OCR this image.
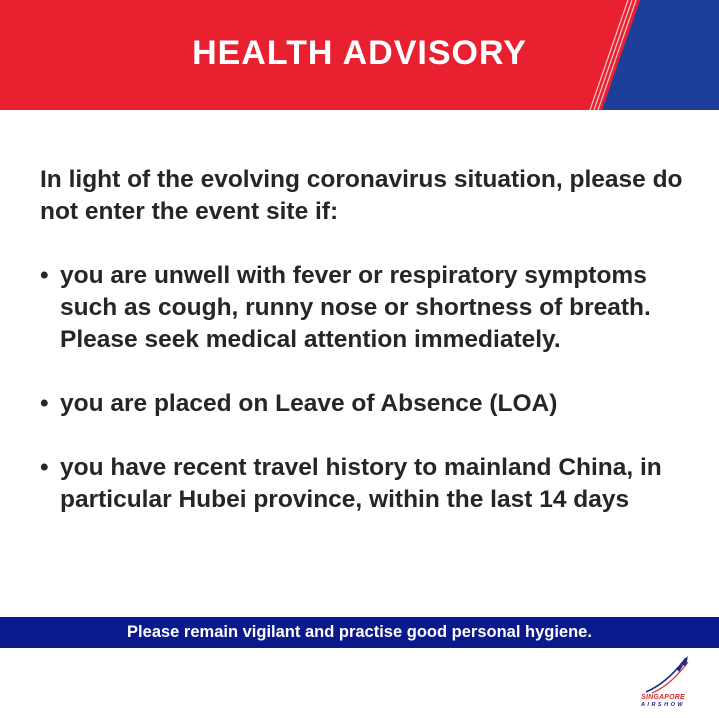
HEALTH ADVISORY

In light of the evolving coronavirus situation, please do not enter the event site if:

• you are unwell with fever or respiratory symptoms such as cough, runny nose or shortness of breath. Please seek medical attention immediately.
• you are placed on Leave of Absence (LOA)
• you have recent travel history to mainland China, in particular Hubei province, within the last 14 days
Please remain vigilant and practise good personal hygiene.
SINGAPORE
AIRSHOW
